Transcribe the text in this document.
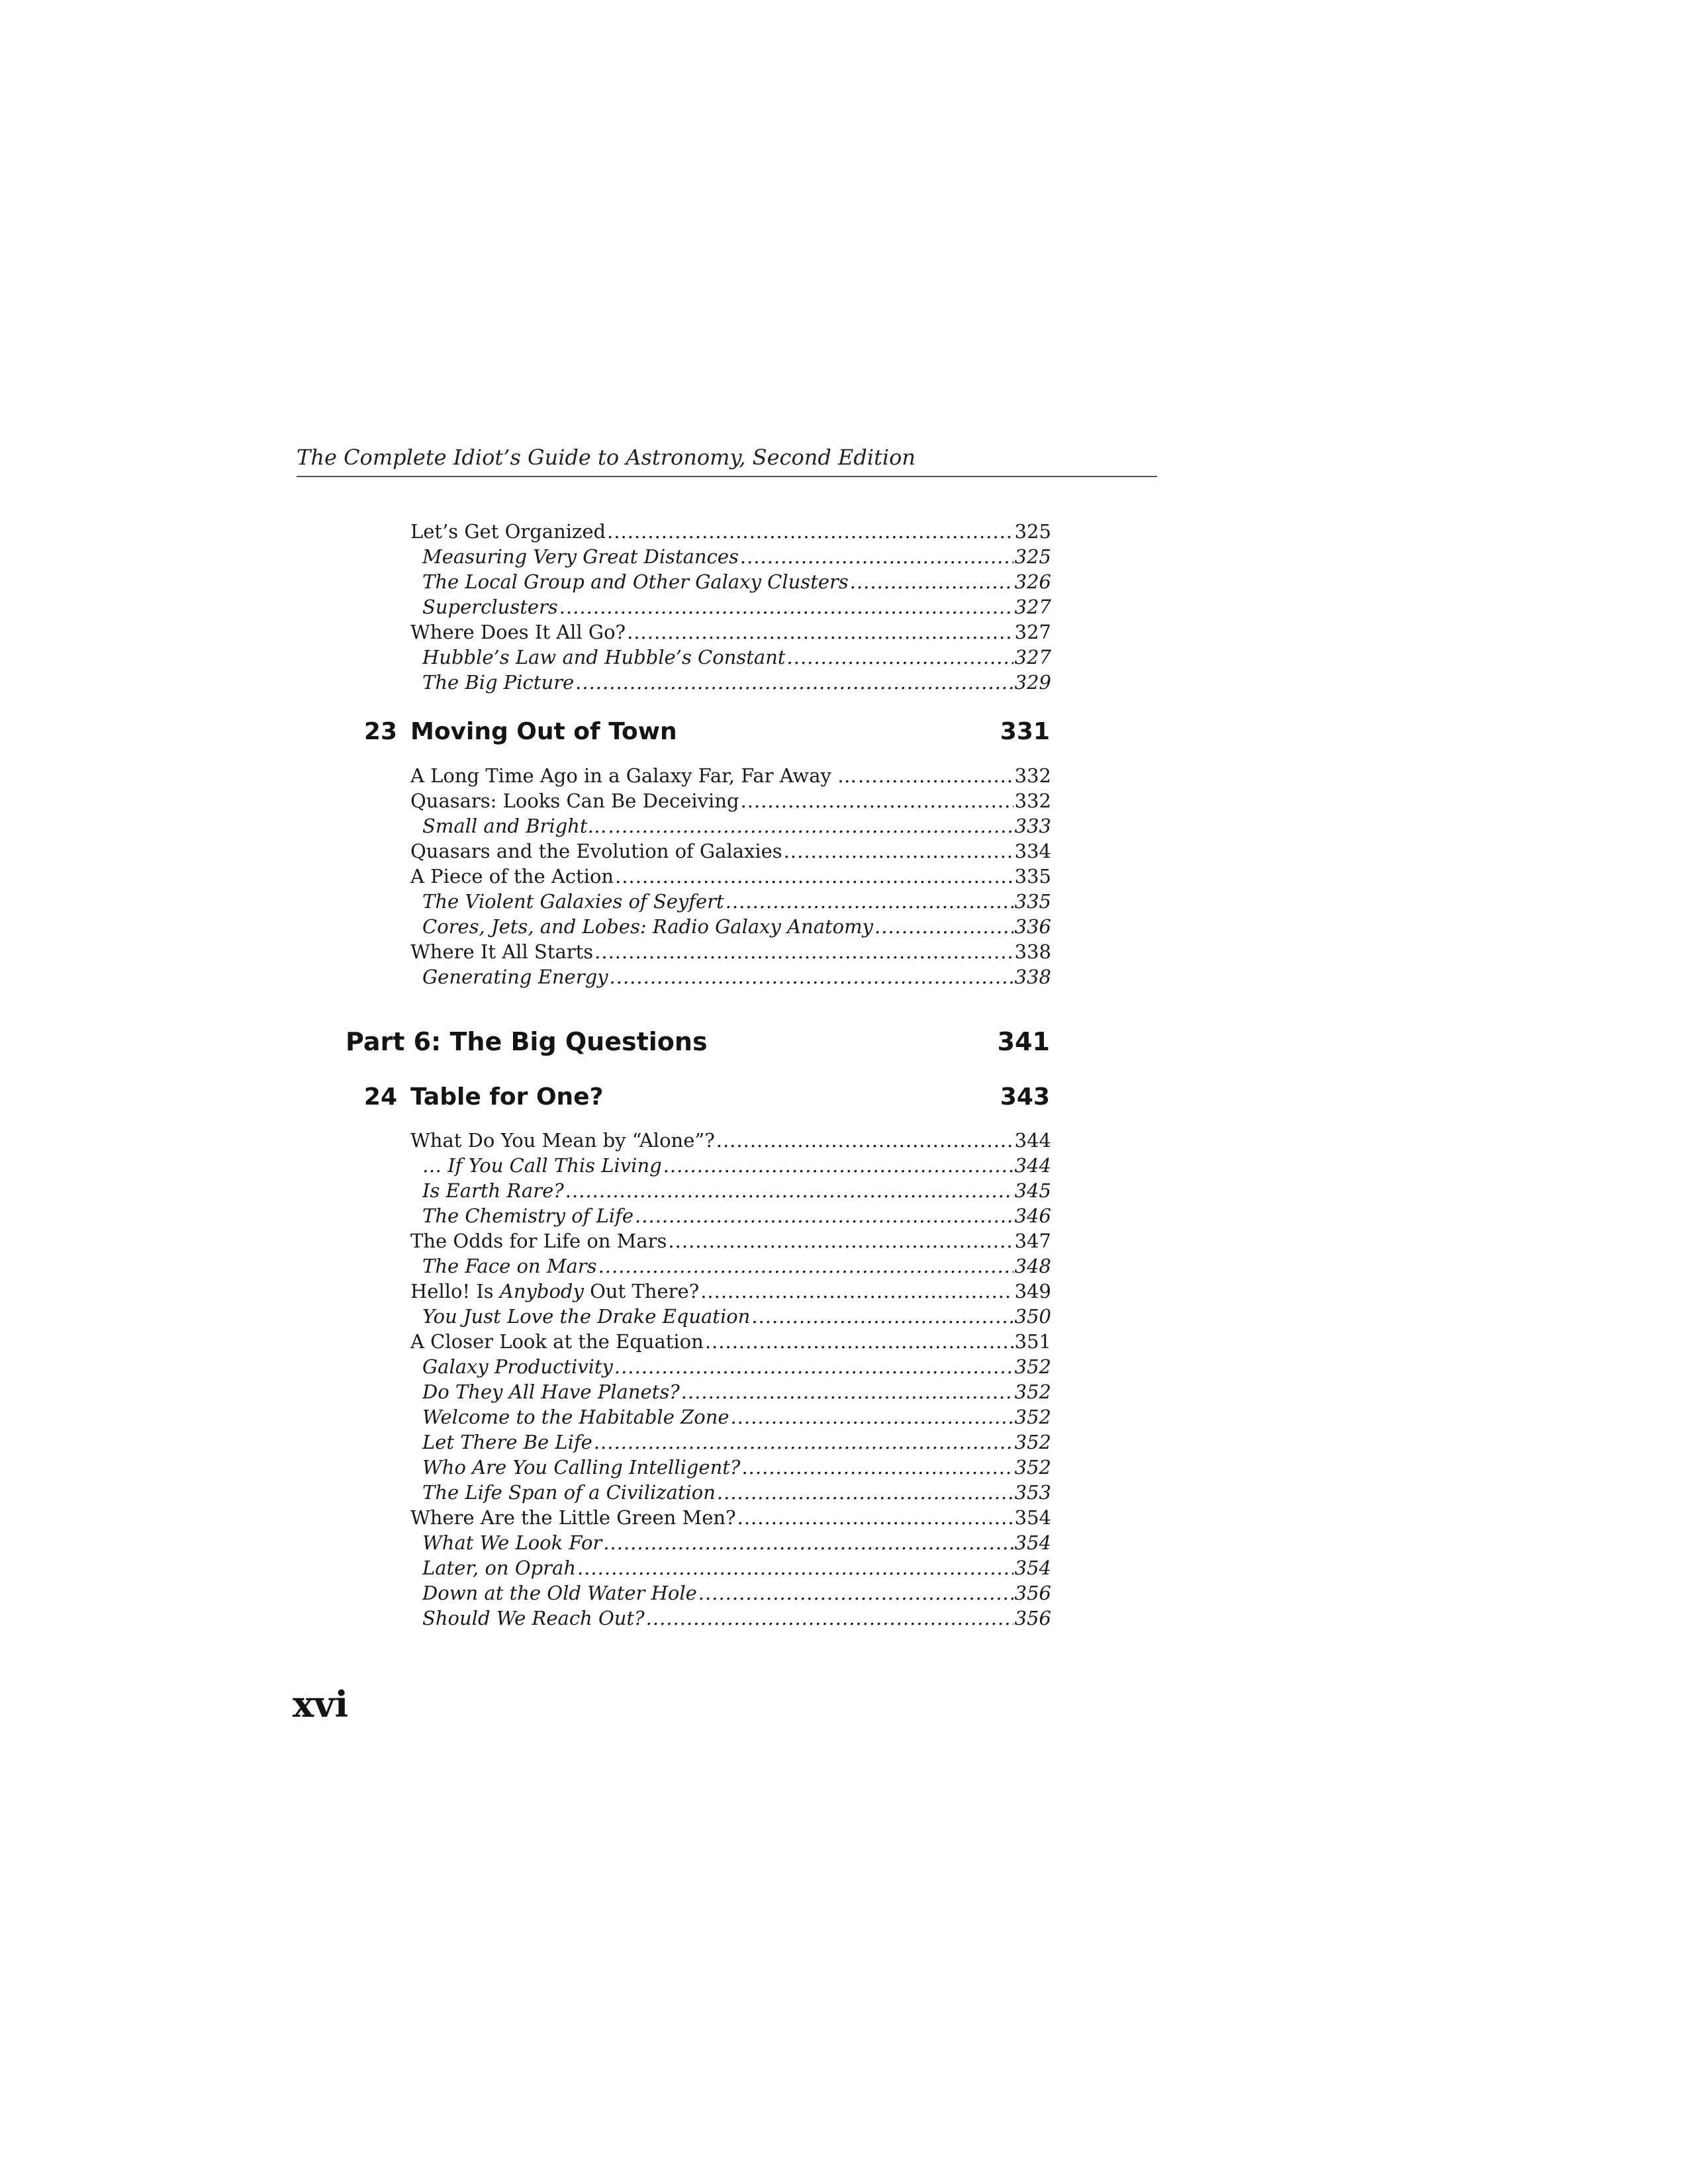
The Complete Idiot’s Guide to Astronomy, Second Edition
Let’s Get Organized .....	325
Measuring Very Great Distances .....	325
The Local Group and Other Galaxy Clusters .....	326
Superclusters .....	327
Where Does It All Go? .....	327
Hubble’s Law and Hubble’s Constant .....	327
The Big Picture .....	329
23 Moving Out of Town	331
A Long Time Ago in a Galaxy Far, Far Away … .....	332
Quasars: Looks Can Be Deceiving .....	332
Small and Bright… .....	333
Quasars and the Evolution of Galaxies .....	334
A Piece of the Action .....	335
The Violent Galaxies of Seyfert .....	335
Cores, Jets, and Lobes: Radio Galaxy Anatomy .....	336
Where It All Starts .....	338
Generating Energy .....	338
Part 6: The Big Questions	341
24 Table for One?	343
What Do You Mean by “Alone”? .....	344
… If You Call This Living .....	344
Is Earth Rare? .....	345
The Chemistry of Life .....	346
The Odds for Life on Mars .....	347
The Face on Mars .....	348
Hello! Is Anybody Out There? .....	349
You Just Love the Drake Equation .....	350
A Closer Look at the Equation .....	351
Galaxy Productivity .....	352
Do They All Have Planets? .....	352
Welcome to the Habitable Zone .....	352
Let There Be Life .....	352
Who Are You Calling Intelligent? .....	352
The Life Span of a Civilization .....	353
Where Are the Little Green Men? .....	354
What We Look For .....	354
Later, on Oprah .....	354
Down at the Old Water Hole .....	356
Should We Reach Out? .....	356
xvi
